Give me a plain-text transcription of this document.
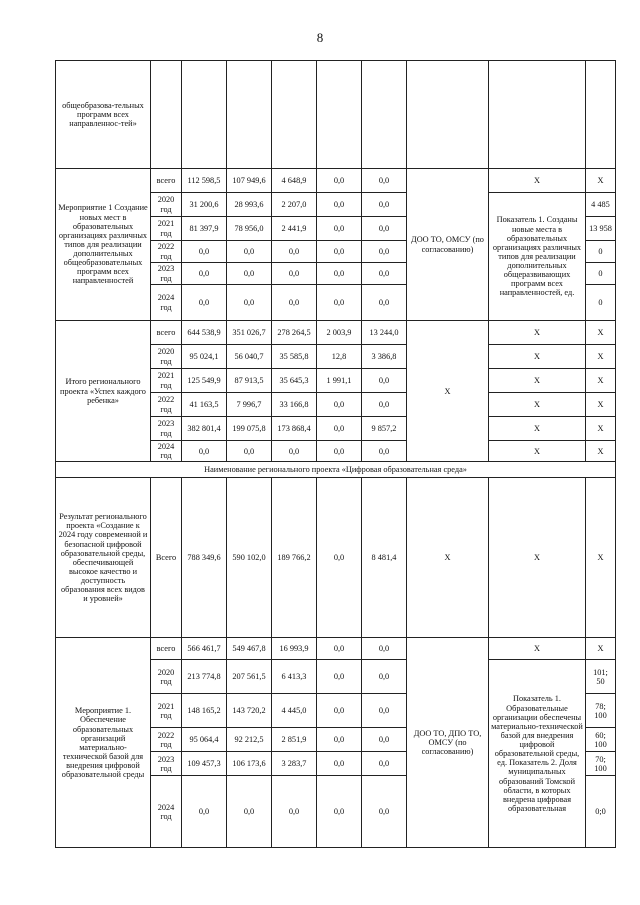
8
общеобразова-тельных программ всех направленнос-тей»									
Мероприятие 1 Создание новых мест в образовательных организациях различных типов для реализации дополнительных общеобразовательных программ всех направленностей	всего	112 598,5	107 949,6	4 648,9	0,0	0,0	ДОО ТО, ОМСУ (по согласованию)	X	X
	2020 год	31 200,6	28 993,6	2 207,0	0,0	0,0		Показатель 1. Созданы новые места в образовательных организациях различных типов для реализации дополнительных общеразвивающих программ всех направленностей, ед.	4 485
	2021 год	81 397,9	78 956,0	2 441,9	0,0	0,0			13 958
	2022 год	0,0	0,0	0,0	0,0	0,0			0
	2023 год	0,0	0,0	0,0	0,0	0,0			0
	2024 год	0,0	0,0	0,0	0,0	0,0			0
Итого регионального проекта «Успех каждого ребенка»	всего	644 538,9	351 026,7	278 264,5	2 003,9	13 244,0	X	X	X
	2020 год	95 024,1	56 040,7	35 585,8	12,8	3 386,8		X	X
	2021 год	125 549,9	87 913,5	35 645,3	1 991,1	0,0		X	X
	2022 год	41 163,5	7 996,7	33 166,8	0,0	0,0		X	X
	2023 год	382 801,4	199 075,8	173 868,4	0,0	9 857,2		X	X
	2024 год	0,0	0,0	0,0	0,0	0,0		X	X
Наименование регионального проекта «Цифровая образовательная среда»									
Результат регионального проекта «Создание к 2024 году современной и безопасной цифровой образовательной среды, обеспечивающей высокое качество и доступность образования всех видов и уровней»	Всего	788 349,6	590 102,0	189 766,2	0,0	8 481,4	X	X	X
Мероприятие 1. Обеспечение образовательных организаций материально-технической базой для внедрения цифровой образовательной среды	всего	566 461,7	549 467,8	16 993,9	0,0	0,0	ДОО ТО, ДПО ТО, ОМСУ (по согласованию)	X	X
	2020 год	213 774,8	207 561,5	6 413,3	0,0	0,0		Показатель 1. Образовательные организации обеспечены материально-технической базой для внедрения цифровой образовательной среды, ед. Показатель 2. Доля муниципальных образований Томской области, в которых внедрена цифровая образовательная	101; 50
	2021 год	148 165,2	143 720,2	4 445,0	0,0	0,0			78; 100
	2022 год	95 064,4	92 212,5	2 851,9	0,0	0,0			60; 100
	2023 год	109 457,3	106 173,6	3 283,7	0,0	0,0			70; 100
	2024 год	0,0	0,0	0,0	0,0	0,0			0;0
